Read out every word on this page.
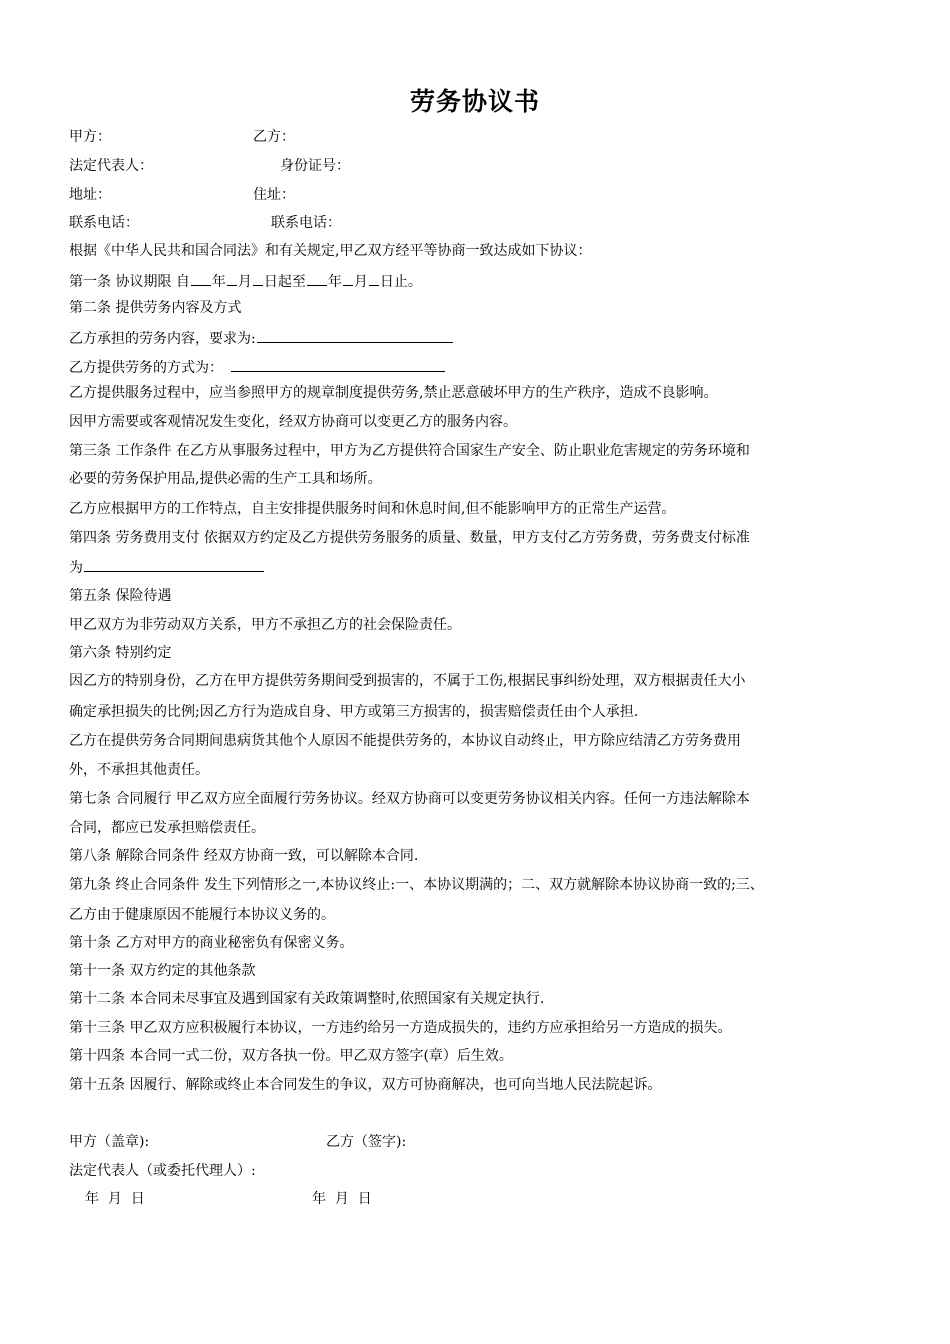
劳务协议书
甲方：	乙方：
法定代表人：	身份证号：
地址：	住址：
联系电话：	联系电话：
根据《中华人民共和国合同法》和有关规定,甲乙双方经平等协商一致达成如下协议：
第一条 协议期限 自 年 月 日起至 年 月 日止。
第二条 提供劳务内容及方式
乙方承担的劳务内容，要求为:
乙方提供劳务的方式为：
乙方提供服务过程中，应当参照甲方的规章制度提供劳务,禁止恶意破坏甲方的生产秩序，造成不良影响。
因甲方需要或客观情况发生变化，经双方协商可以变更乙方的服务内容。
第三条 工作条件 在乙方从事服务过程中，甲方为乙方提供符合国家生产安全、防止职业危害规定的劳务环境和
必要的劳务保护用品,提供必需的生产工具和场所。
乙方应根据甲方的工作特点，自主安排提供服务时间和休息时间,但不能影响甲方的正常生产运营。
第四条 劳务费用支付 依据双方约定及乙方提供劳务服务的质量、数量，甲方支付乙方劳务费，劳务费支付标准
为
第五条 保险待遇
甲乙双方为非劳动双方关系，甲方不承担乙方的社会保险责任。
第六条 特别约定
因乙方的特别身份，乙方在甲方提供劳务期间受到损害的，不属于工伤,根据民事纠纷处理，双方根据责任大小
确定承担损失的比例;因乙方行为造成自身、甲方或第三方损害的，损害赔偿责任由个人承担.
乙方在提供劳务合同期间患病货其他个人原因不能提供劳务的，本协议自动终止，甲方除应结清乙方劳务费用
外，不承担其他责任。
第七条 合同履行 甲乙双方应全面履行劳务协议。经双方协商可以变更劳务协议相关内容。任何一方违法解除本
合同，都应已发承担赔偿责任。
第八条 解除合同条件 经双方协商一致，可以解除本合同.
第九条 终止合同条件 发生下列情形之一,本协议终止:一、本协议期满的；二、双方就解除本协议协商一致的;三、
乙方由于健康原因不能履行本协议义务的。
第十条 乙方对甲方的商业秘密负有保密义务。
第十一条 双方约定的其他条款
第十二条 本合同未尽事宜及遇到国家有关政策调整时,依照国家有关规定执行.
第十三条 甲乙双方应积极履行本协议，一方违约给另一方造成损失的，违约方应承担给另一方造成的损失。
第十四条 本合同一式二份，双方各执一份。甲乙双方签字(章）后生效。
第十五条 因履行、解除或终止本合同发生的争议，双方可协商解决，也可向当地人民法院起诉。
甲方（盖章):	乙方（签字):
法定代表人（或委托代理人）:
年  月  日	年  月  日
